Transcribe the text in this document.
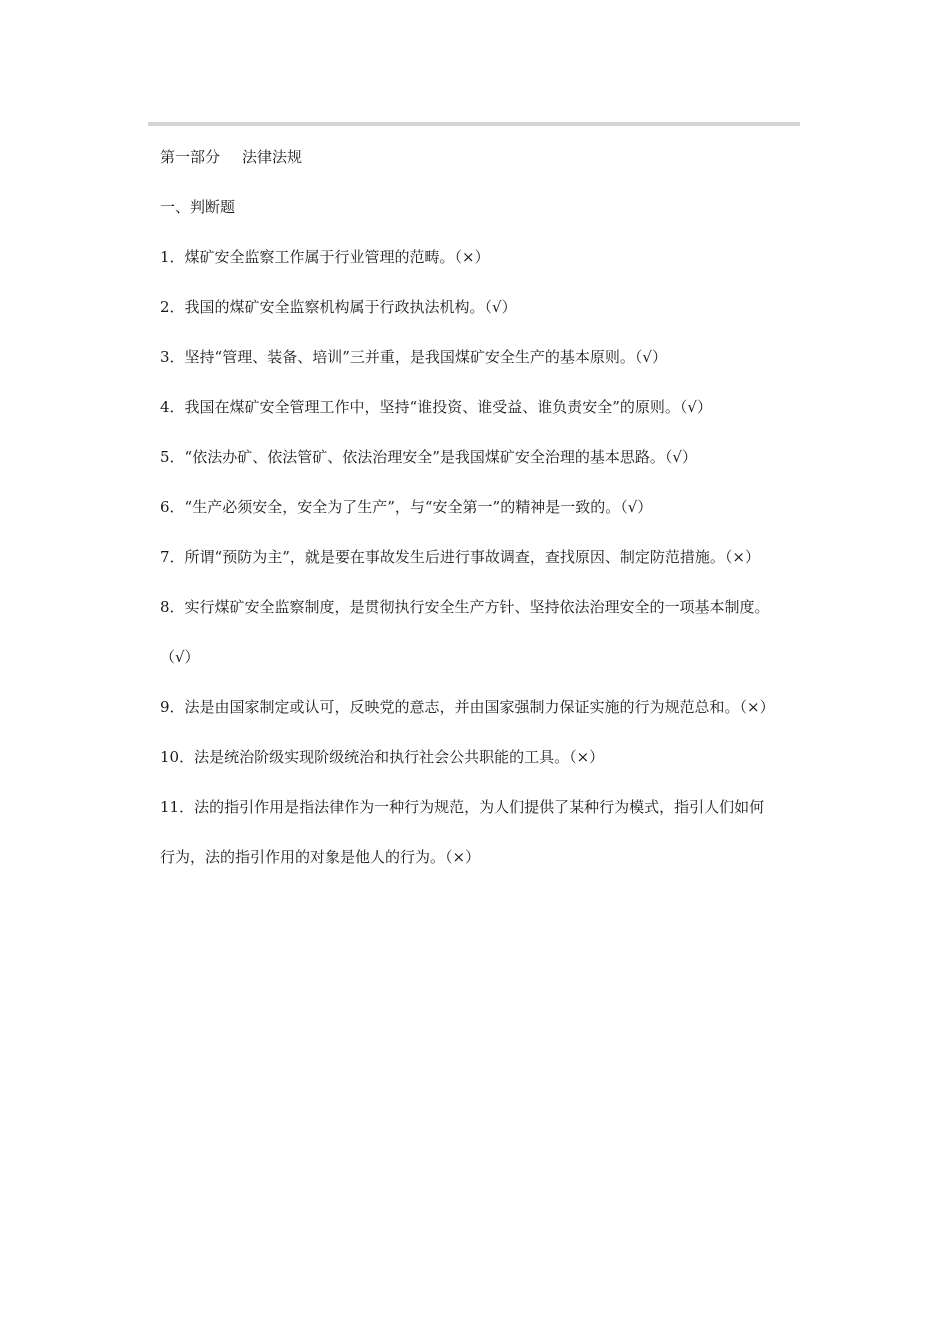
第一部分 法律法规

一、判断题

1．煤矿安全监察工作属于行业管理的范畴。（×）

2．我国的煤矿安全监察机构属于行政执法机构。（√）

3．坚持“管理、装备、培训”三并重，是我国煤矿安全生产的基本原则。（√）

4．我国在煤矿安全管理工作中，坚持“谁投资、谁受益、谁负责安全”的原则。（√）

5．“依法办矿、依法管矿、依法治理安全”是我国煤矿安全治理的基本思路。（√）

6．“生产必须安全，安全为了生产”，与“安全第一”的精神是一致的。（√）

7．所谓“预防为主”，就是要在事故发生后进行事故调查，查找原因、制定防范措施。（×）

8．实行煤矿安全监察制度，是贯彻执行安全生产方针、坚持依法治理安全的一项基本制度。

（√）

9．法是由国家制定或认可，反映党的意志，并由国家强制力保证实施的行为规范总和。（×）

10．法是统治阶级实现阶级统治和执行社会公共职能的工具。（×）

11．法的指引作用是指法律作为一种行为规范，为人们提供了某种行为模式，指引人们如何

行为，法的指引作用的对象是他人的行为。（×）
